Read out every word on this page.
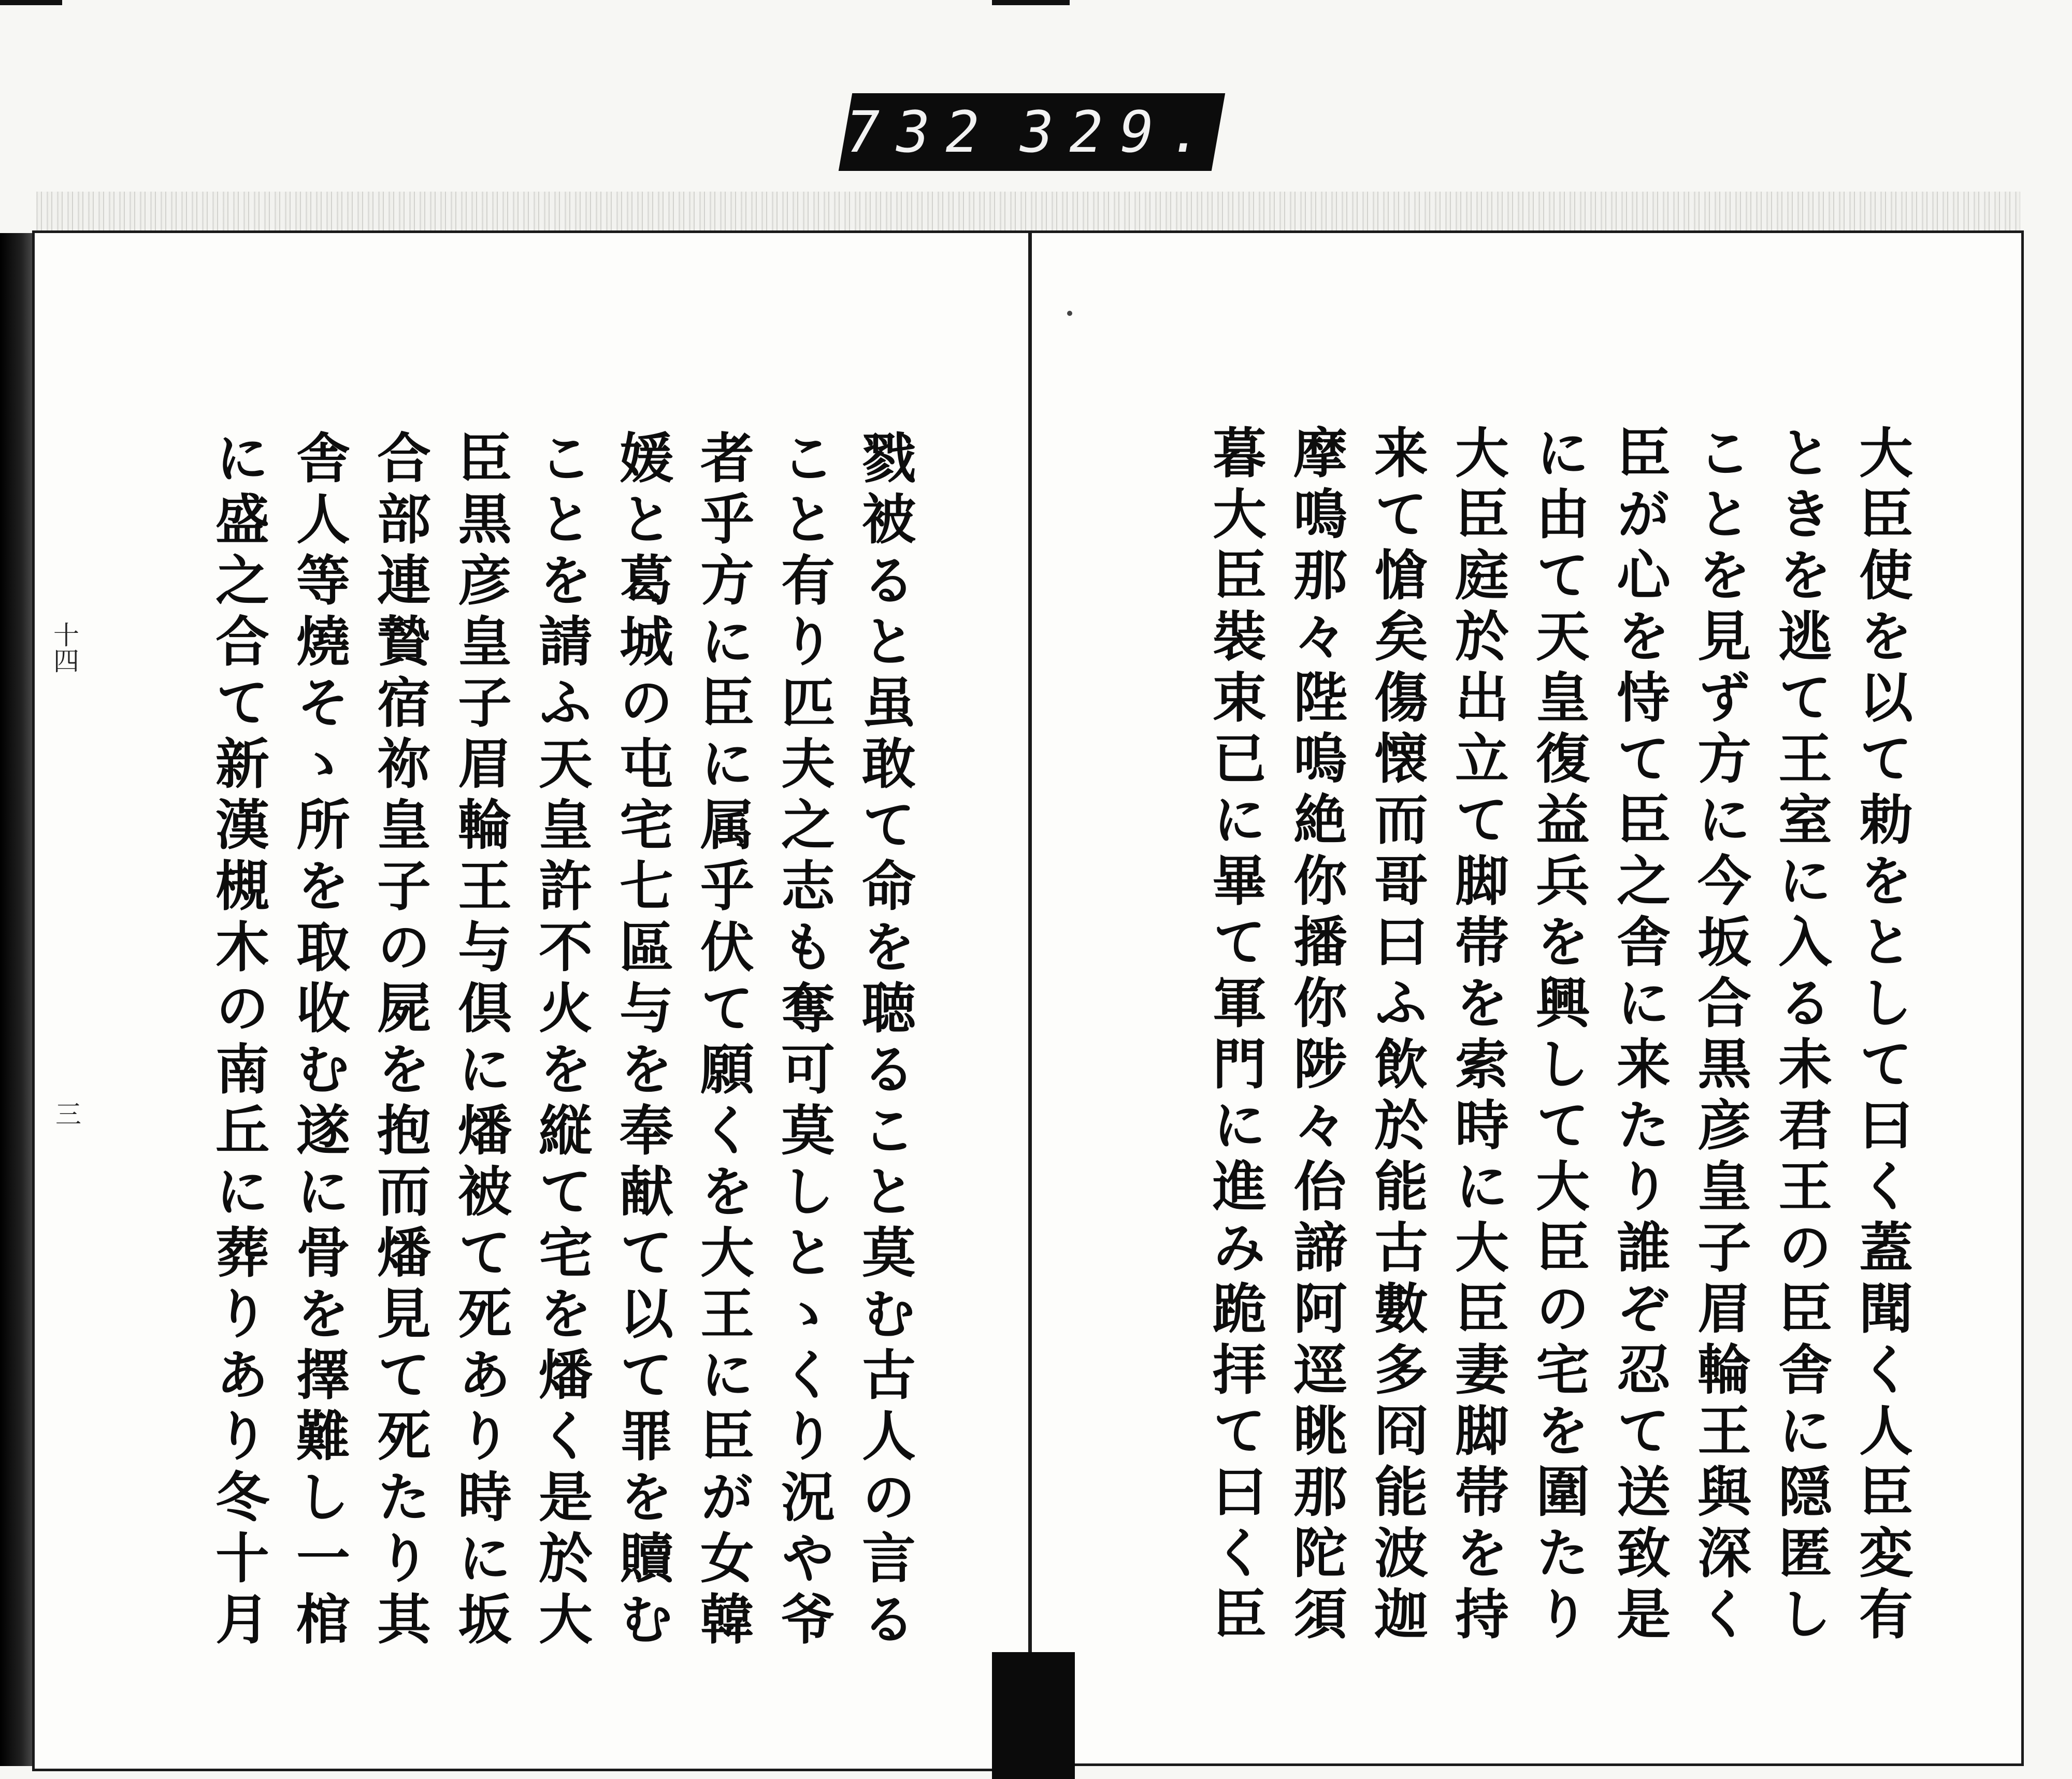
732 329.
十四
三	大臣使を以て勅をとして曰く蓋聞く人臣変有
ときを逃て王室に入る未君王の臣舎に隠匿し
ことを見ず方に今坂合黒彦皇子眉輪王與深く
臣が心を恃て臣之舎に来たり誰ぞ忍て送致是
に由て天皇復益兵を興して大臣の宅を圍たり
大臣庭於出立て脚帯を索時に大臣妻脚帯を持
来て愴矣傷懐而哥曰ふ飲於能古數多冏能波迦
摩鳴那々陛嗚絶你播你陟々佁諦阿逕眺那陀須
暮大臣裝束已に畢て軍門に進み跪拝て曰く臣
戮被ると虽敢て命を聴ること莫む古人の言る
こと有り匹夫之志も奪可莫しとゝくり況や爷
者乎方に臣に属乎伏て願くを大王に臣が女韓
媛と葛城の屯宅七區与を奉献て以て罪を贖む
ことを請ふ天皇許不火を縦て宅を燔く是於大
臣黒彦皇子眉輪王与倶に燔被て死あり時に坂
合部連贄宿祢皇子の屍を抱而燔見て死たり其
舎人等燒そゝ所を取收む遂に骨を擇難し一棺
に盛之合て新漢槻木の南丘に葬りあり冬十月
